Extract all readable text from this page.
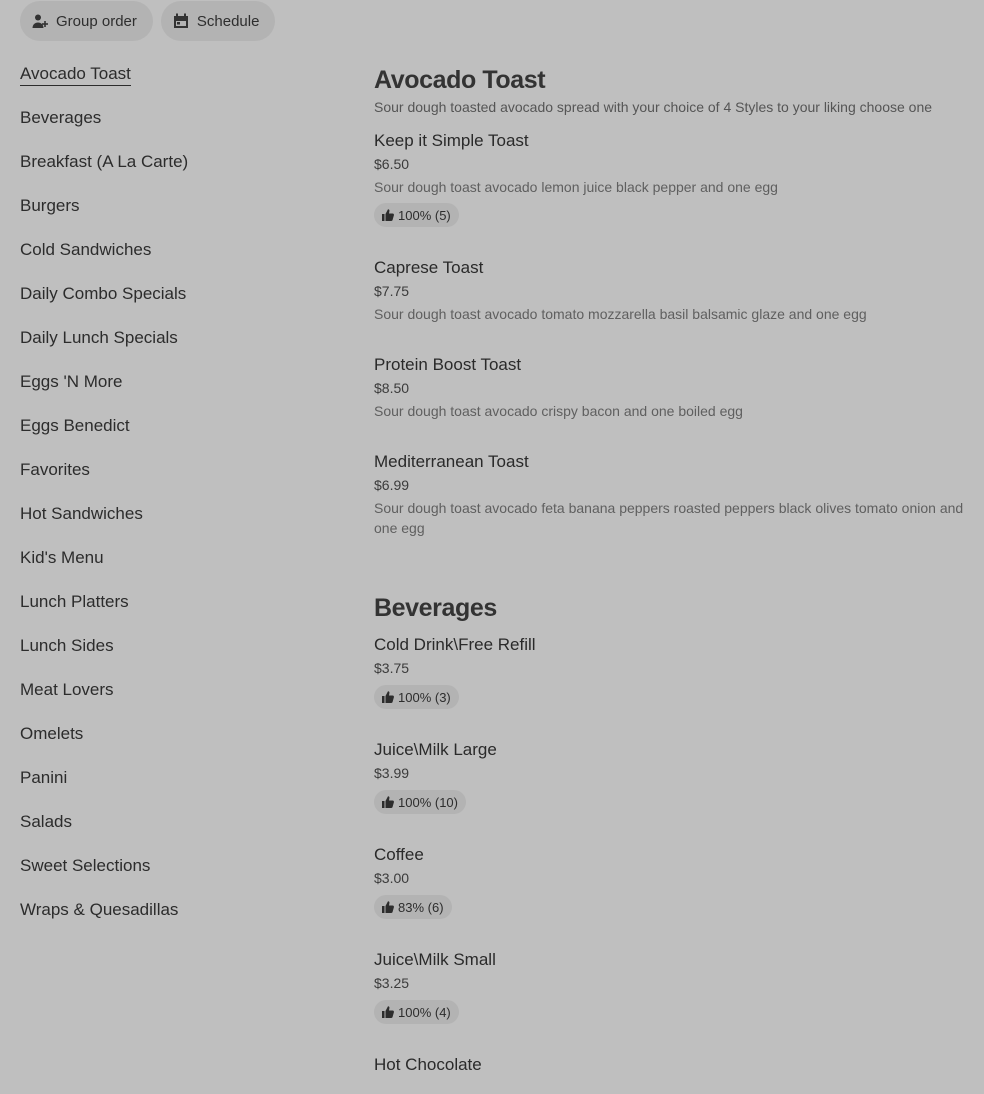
Group order	Schedule
Avocado Toast
Beverages
Breakfast (A La Carte)
Burgers
Cold Sandwiches
Daily Combo Specials
Daily Lunch Specials
Eggs 'N More
Eggs Benedict
Favorites
Hot Sandwiches
Kid's Menu
Lunch Platters
Lunch Sides
Meat Lovers
Omelets
Panini
Salads
Sweet Selections
Wraps & Quesadillas
Avocado Toast
Sour dough toasted avocado spread with your choice of 4 Styles to your liking choose one
Keep it Simple Toast
$6.50
Sour dough toast avocado lemon juice black pepper and one egg
100% (5)
Caprese Toast
$7.75
Sour dough toast avocado tomato mozzarella basil balsamic glaze and one egg
Protein Boost Toast
$8.50
Sour dough toast avocado crispy bacon and one boiled egg
Mediterranean Toast
$6.99
Sour dough toast avocado feta banana peppers roasted peppers black olives tomato onion and one egg
Beverages
Cold Drink\Free Refill
$3.75
100% (3)
Juice\Milk Large
$3.99
100% (10)
Coffee
$3.00
83% (6)
Juice\Milk Small
$3.25
100% (4)
Hot Chocolate
